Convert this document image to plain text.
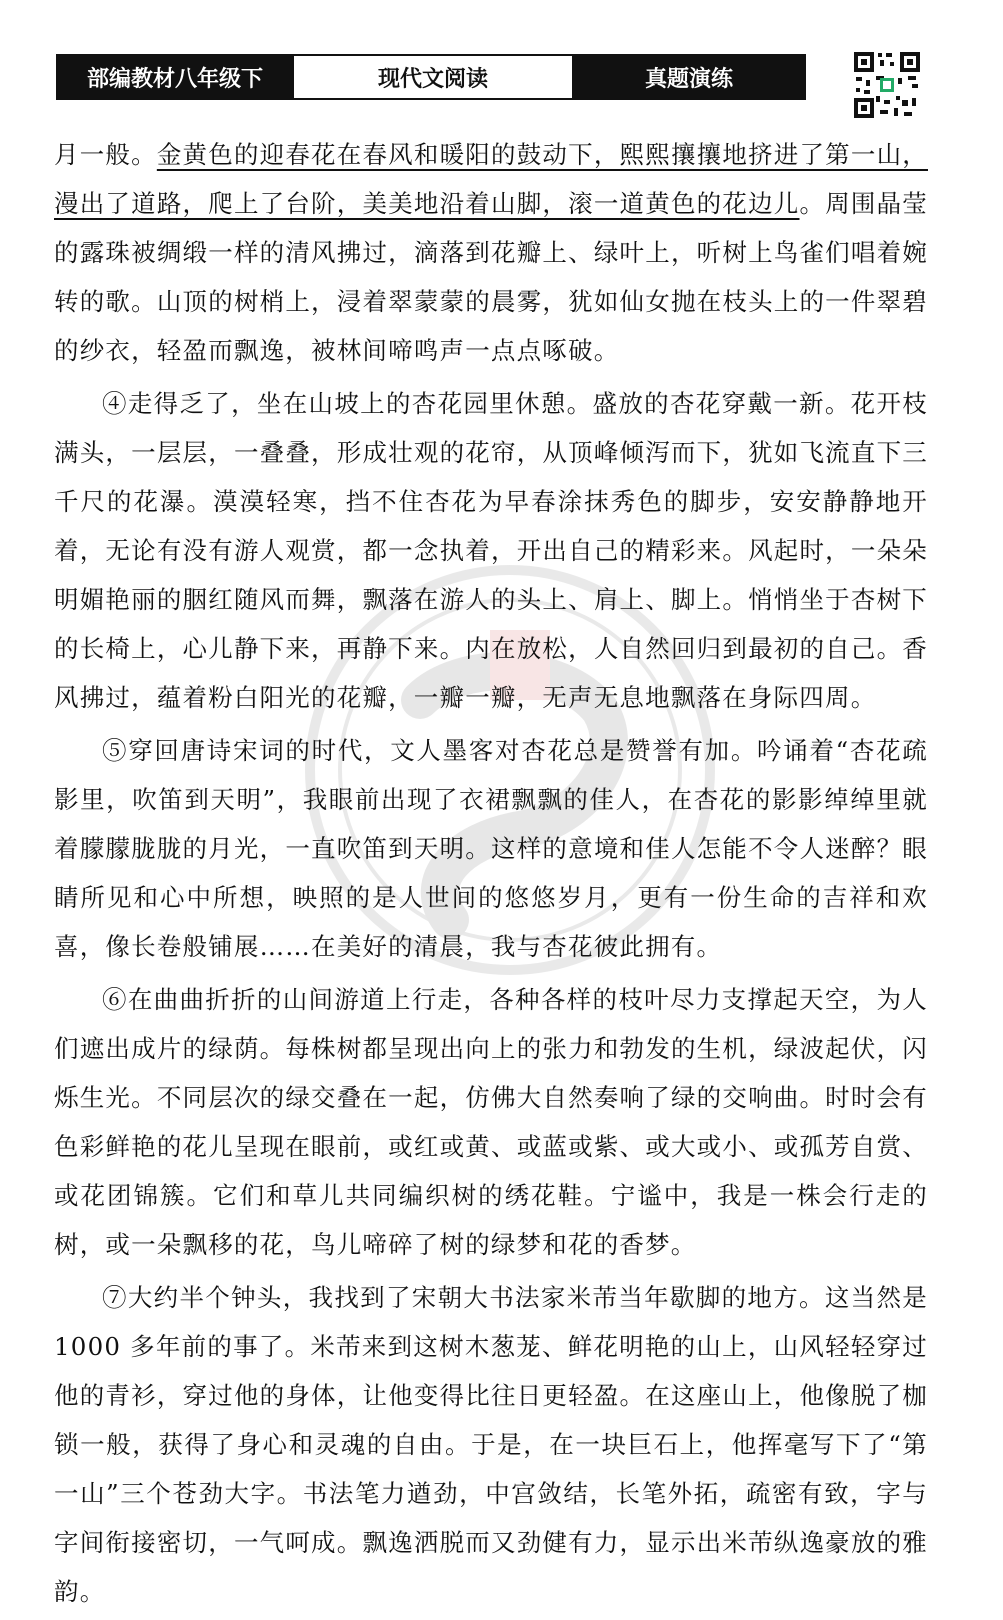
部编教材八年级下	现代文阅读	真题演练

月一般。金黄色的迎春花在春风和暖阳的鼓动下，熙熙攘攘地挤进了第一山，漫出了道路，爬上了台阶，美美地沿着山脚，滚一道黄色的花边儿。周围晶莹的露珠被绸缎一样的清风拂过，滴落到花瓣上、绿叶上，听树上鸟雀们唱着婉转的歌。山顶的树梢上，浸着翠蒙蒙的晨雾，犹如仙女抛在枝头上的一件翠碧的纱衣，轻盈而飘逸，被林间啼鸣声一点点啄破。

④走得乏了，坐在山坡上的杏花园里休憩。盛放的杏花穿戴一新。花开枝满头，一层层，一叠叠，形成壮观的花帘，从顶峰倾泻而下，犹如飞流直下三千尺的花瀑。漠漠轻寒，挡不住杏花为早春涂抹秀色的脚步，安安静静地开着，无论有没有游人观赏，都一念执着，开出自己的精彩来。风起时，一朵朵明媚艳丽的胭红随风而舞，飘落在游人的头上、肩上、脚上。悄悄坐于杏树下的长椅上，心儿静下来，再静下来。内在放松，人自然回归到最初的自己。香风拂过，蕴着粉白阳光的花瓣，一瓣一瓣，无声无息地飘落在身际四周。

⑤穿回唐诗宋词的时代，文人墨客对杏花总是赞誉有加。吟诵着“杏花疏影里，吹笛到天明”，我眼前出现了衣裙飘飘的佳人，在杏花的影影绰绰里就着朦朦胧胧的月光，一直吹笛到天明。这样的意境和佳人怎能不令人迷醉？眼睛所见和心中所想，映照的是人世间的悠悠岁月，更有一份生命的吉祥和欢喜，像长卷般铺展……在美好的清晨，我与杏花彼此拥有。

⑥在曲曲折折的山间游道上行走，各种各样的枝叶尽力支撑起天空，为人们遮出成片的绿荫。每株树都呈现出向上的张力和勃发的生机，绿波起伏，闪烁生光。不同层次的绿交叠在一起，仿佛大自然奏响了绿的交响曲。时时会有色彩鲜艳的花儿呈现在眼前，或红或黄、或蓝或紫、或大或小、或孤芳自赏、或花团锦簇。它们和草儿共同编织树的绣花鞋。宁谧中，我是一株会行走的树，或一朵飘移的花，鸟儿啼碎了树的绿梦和花的香梦。

⑦大约半个钟头，我找到了宋朝大书法家米芾当年歇脚的地方。这当然是1000 多年前的事了。米芾来到这树木葱茏、鲜花明艳的山上，山风轻轻穿过他的青衫，穿过他的身体，让他变得比往日更轻盈。在这座山上，他像脱了枷锁一般，获得了身心和灵魂的自由。于是，在一块巨石上，他挥毫写下了“第一山”三个苍劲大字。书法笔力遒劲，中宫敛结，长笔外拓，疏密有致，字与字间衔接密切，一气呵成。飘逸洒脱而又劲健有力，显示出米芾纵逸豪放的雅韵。
